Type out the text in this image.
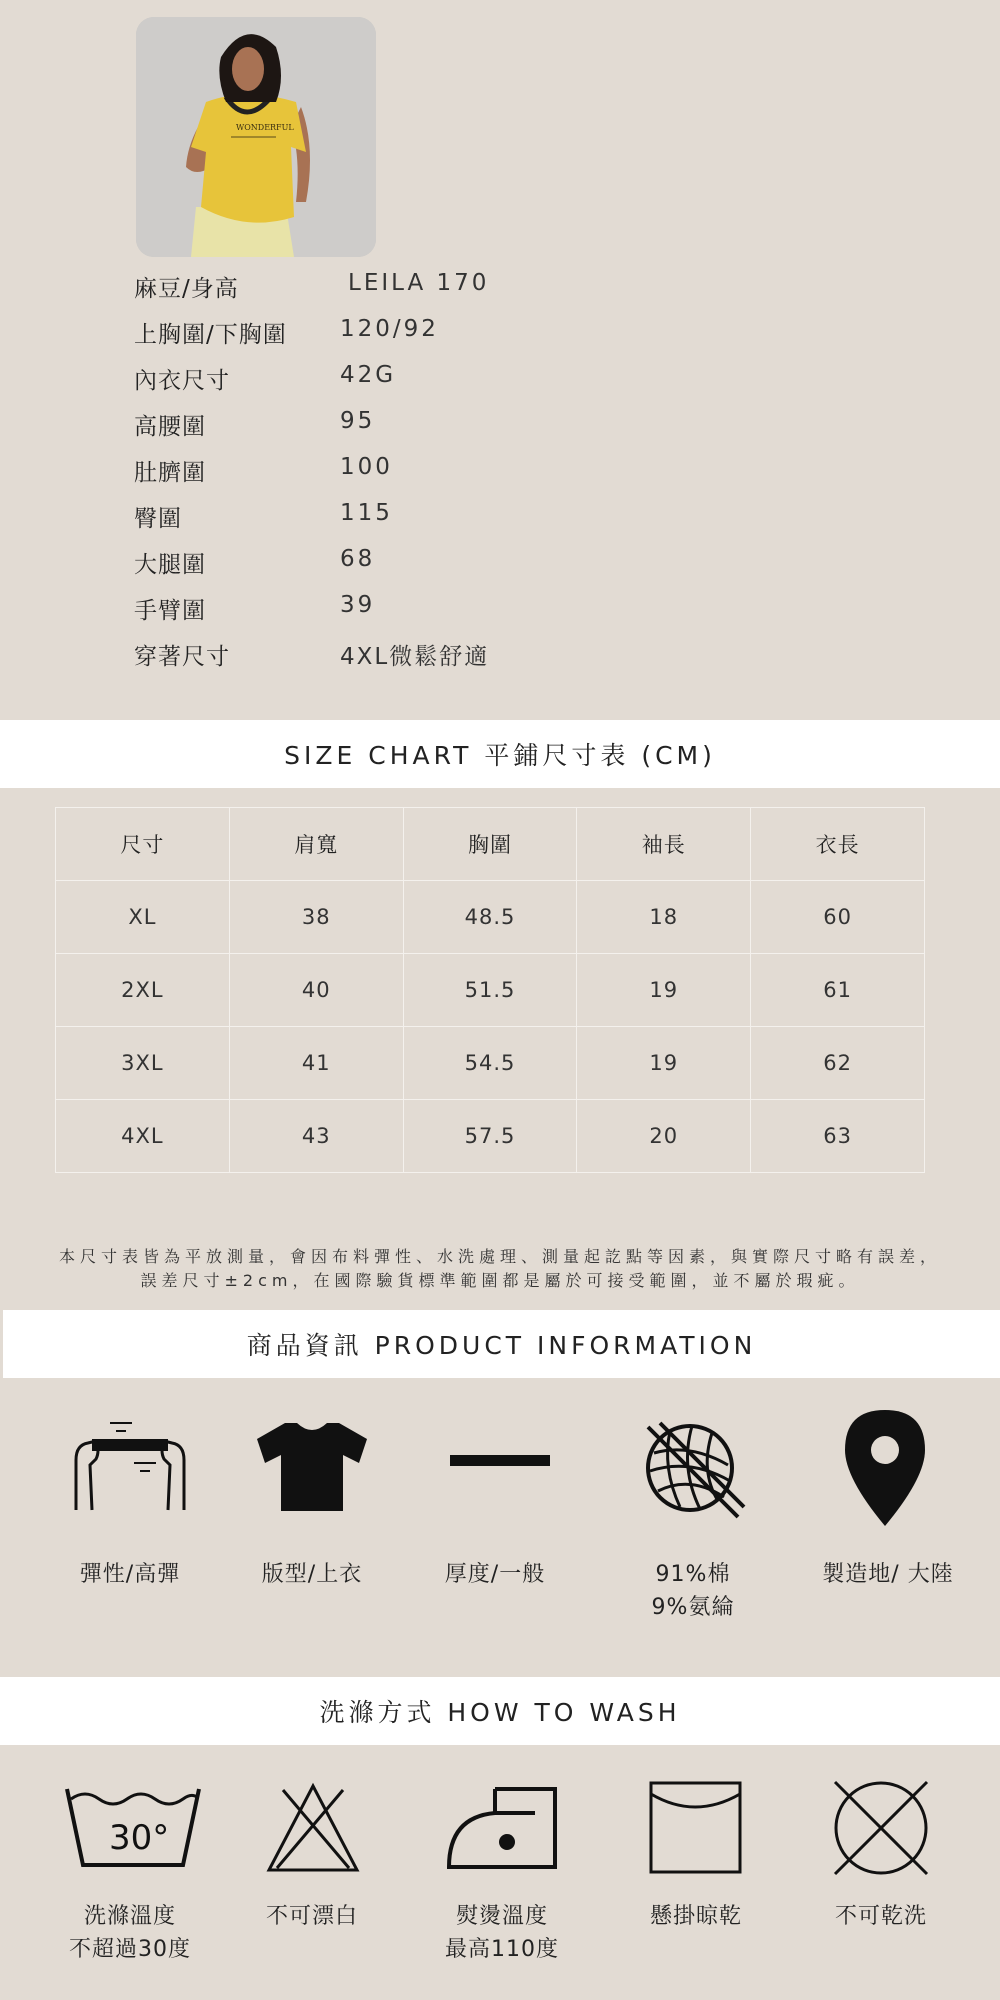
WONDERFUL
麻豆/身高	LEILA 170
上胸圍/下胸圍 120/92
內衣尺寸	42G
高腰圍	95
肚臍圍	100
臀圍	115
大腿圍	68
手臂圍	39
穿著尺寸	4XL微鬆舒適
SIZE CHART 平鋪尺寸表 (CM)
尺寸	肩寬	胸圍	袖長	衣長
XL	38	48.5	18	60
2XL	40	51.5	19	61
3XL	41	54.5	19	62
4XL	43	57.5	20	63
本尺寸表皆為平放測量，會因布料彈性、水洗處理、測量起訖點等因素，與實際尺寸略有誤差，
誤差尺寸±2cm，在國際驗貨標準範圍都是屬於可接受範圍，並不屬於瑕疵。
商品資訊 PRODUCT INFORMATION
彈性/高彈	版型/上衣	厚度/一般	91%棉
9%氨綸
製造地/ 大陸
洗滌方式 HOW TO WASH
30°
洗滌溫度
不超過30度
不可漂白	熨燙溫度
最高110度
懸掛晾乾	不可乾洗
